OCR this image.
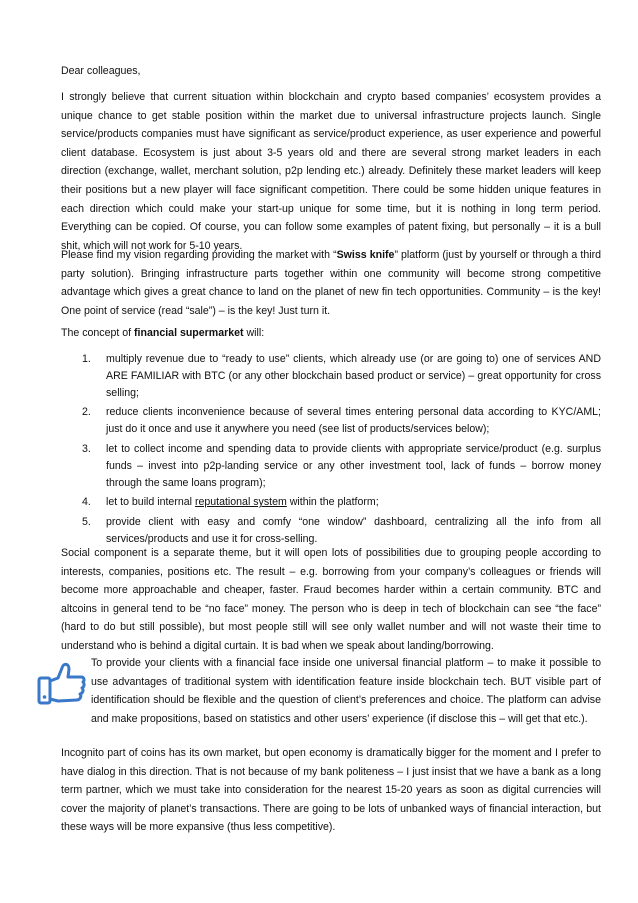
Dear colleagues,

I strongly believe that current situation within blockchain and crypto based companies’ ecosystem provides a unique chance to get stable position within the market due to universal infrastructure projects launch. Single service/products companies must have significant as service/product experience, as user experience and powerful client database. Ecosystem is just about 3-5 years old and there are several strong market leaders in each direction (exchange, wallet, merchant solution, p2p lending etc.) already. Definitely these market leaders will keep their positions but a new player will face significant competition. There could be some hidden unique features in each direction which could make your start-up unique for some time, but it is nothing in long term period. Everything can be copied. Of course, you can follow some examples of patent fixing, but personally – it is a bull shit, which will not work for 5-10 years.

Please find my vision regarding providing the market with “Swiss knife” platform (just by yourself or through a third party solution). Bringing infrastructure parts together within one community will become strong competitive advantage which gives a great chance to land on the planet of new fin tech opportunities. Community – is the key! One point of service (read “sale”) – is the key! Just turn it.

The concept of financial supermarket will:

1. multiply revenue due to “ready to use” clients, which already use (or are going to) one of services AND ARE FAMILIAR with BTC (or any other blockchain based product or service) – great opportunity for cross selling;
2. reduce clients inconvenience because of several times entering personal data according to KYC/AML; just do it once and use it anywhere you need (see list of products/services below);
3. let to collect income and spending data to provide clients with appropriate service/product (e.g. surplus funds – invest into p2p-landing service or any other investment tool, lack of funds – borrow money through the same loans program);
4. let to build internal reputational system within the platform;
5. provide client with easy and comfy “one window” dashboard, centralizing all the info from all services/products and use it for cross-selling.

Social component is a separate theme, but it will open lots of possibilities due to grouping people according to interests, companies, positions etc. The result – e.g. borrowing from your company’s colleagues or friends will become more approachable and cheaper, faster. Fraud becomes harder within a certain community. BTC and altcoins in general tend to be “no face” money. The person who is deep in tech of blockchain can see “the face” (hard to do but still possible), but most people still will see only wallet number and will not waste their time to understand who is behind a digital curtain. It is bad when we speak about landing/borrowing.

To provide your clients with a financial face inside one universal financial platform – to make it possible to use advantages of traditional system with identification feature inside blockchain tech. BUT visible part of identification should be flexible and the question of client’s preferences and choice. The platform can advise and make propositions, based on statistics and other users’ experience (if disclose this – will get that etc.).

Incognito part of coins has its own market, but open economy is dramatically bigger for the moment and I prefer to have dialog in this direction. That is not because of my bank politeness – I just insist that we have a bank as a long term partner, which we must take into consideration for the nearest 15-20 years as soon as digital currencies will cover the majority of planet’s transactions. There are going to be lots of unbanked ways of financial interaction, but these ways will be more expansive (thus less competitive).
